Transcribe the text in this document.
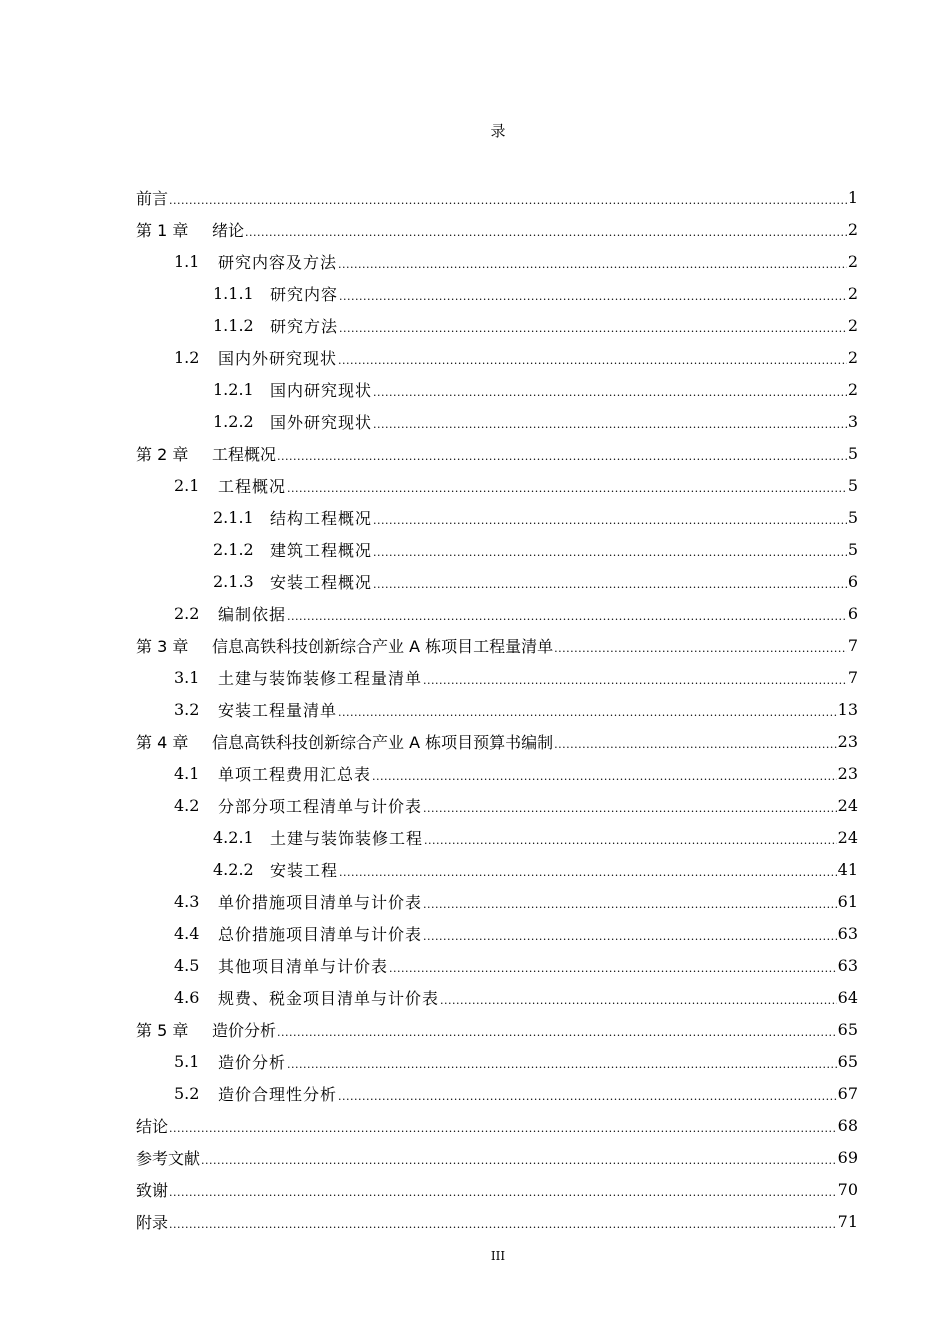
录
前言 .....	1
第 1 章	绪论 .....	2
1.1	研究内容及方法 .....	2
1.1.1	研究内容 .....	2
1.1.2	研究方法 .....	2
1.2	国内外研究现状 .....	2
1.2.1	国内研究现状 .....	2
1.2.2	国外研究现状 .....	3
第 2 章	工程概况 .....	5
2.1	工程概况 .....	5
2.1.1	结构工程概况 .....	5
2.1.2	建筑工程概况 .....	5
2.1.3	安装工程概况 .....	6
2.2	编制依据 .....	6
第 3 章	信息高铁科技创新综合产业 A 栋项目工程量清单 .....	7
3.1	土建与装饰装修工程量清单 .....	7
3.2	安装工程量清单 .....	13
第 4 章	信息高铁科技创新综合产业 A 栋项目预算书编制 .....	23
4.1	单项工程费用汇总表 .....	23
4.2	分部分项工程清单与计价表 .....	24
4.2.1	土建与装饰装修工程 .....	24
4.2.2	安装工程 .....	41
4.3	单价措施项目清单与计价表 .....	61
4.4	总价措施项目清单与计价表 .....	63
4.5	其他项目清单与计价表 .....	63
4.6	规费、税金项目清单与计价表 .....	64
第 5 章	造价分析 .....	65
5.1	造价分析 .....	65
5.2	造价合理性分析 .....	67
结论 .....	68
参考文献 .....	69
致谢 .....	70
附录 .....	71
III
